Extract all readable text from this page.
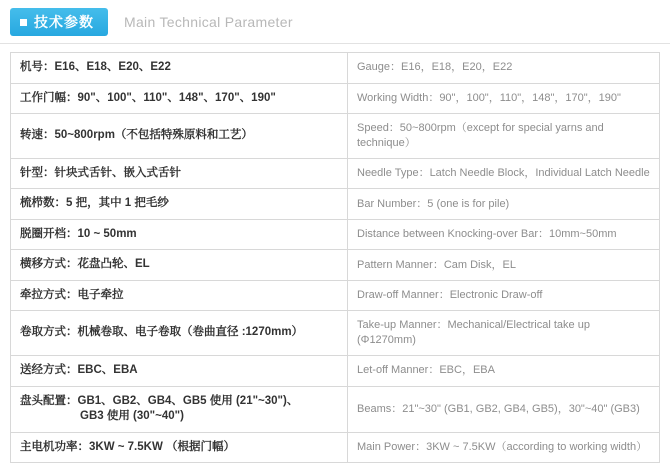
技术参数 Main Technical Parameter
机号：E16、E18、E20、E22	Gauge：E16，E18，E20，E22
工作门幅：90"、100"、110"、148"、170"、190"	Working Width：90"，100"，110"，148"，170"，190"
转速：50~800rpm（不包括特殊原料和工艺）	Speed：50~800rpm（except for special yarns and technique）
针型：针块式舌针、嵌入式舌针	Needle Type：Latch Needle Block，Individual Latch Needle
梳栉数：5 把，其中 1 把毛纱	Bar Number：5 (one is for pile)
脱圈开档：10 ~ 50mm	Distance between Knocking-over Bar：10mm~50mm
横移方式：花盘凸轮、EL	Pattern Manner：Cam Disk，EL
牵拉方式：电子牵拉	Draw-off Manner：Electronic Draw-off
卷取方式：机械卷取、电子卷取（卷曲直径 :1270mm）	Take-up Manner：Mechanical/Electrical take up (Φ1270mm)
送经方式：EBC、EBA	Let-off Manner：EBC，EBA

盘头配置：GB1、GB2、GB4、GB5 使用 (21"~30")、
GB3 使用 (30"~40")	Beams：21"~30" (GB1, GB2, GB4, GB5)，30"~40" (GB3)
主电机功率：3KW ~ 7.5KW （根据门幅）	Main Power：3KW ~ 7.5KW（according to working width）
